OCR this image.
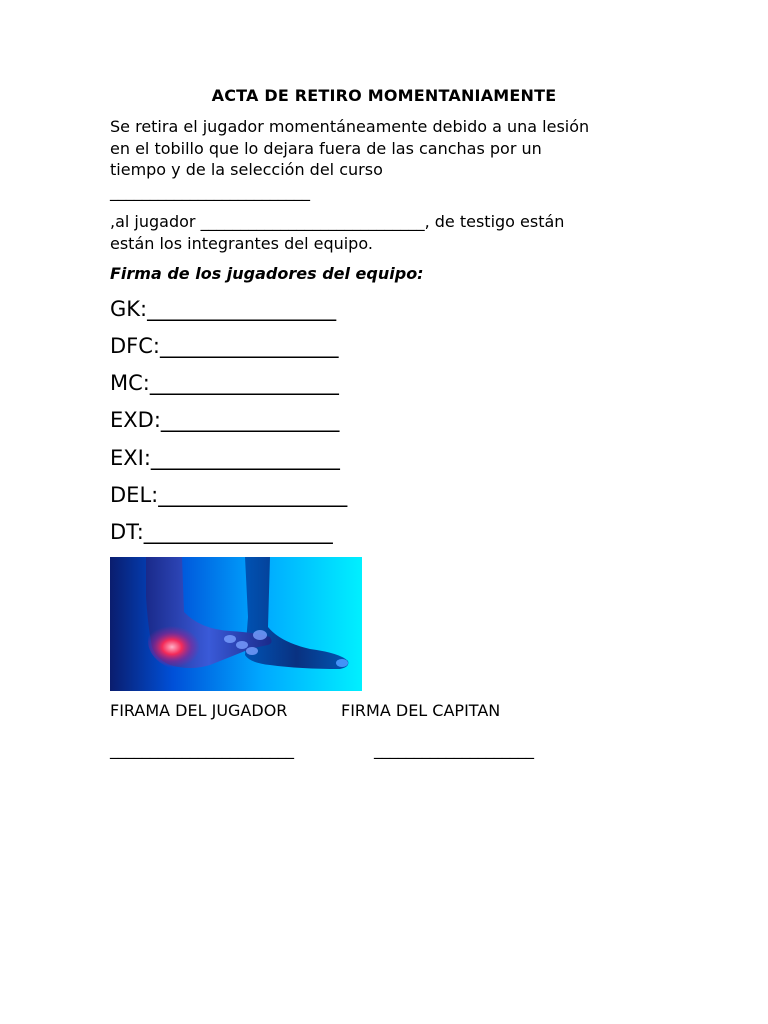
ACTA DE RETIRO MOMENTANIAMENTE
Se retira el jugador momentáneamente debido a una lesión
en el tobillo que lo dejara fuera de las canchas por un
tiempo y de la selección del curso
_________________________
,al jugador ____________________________, de testigo están
están los integrantes del equipo.
Firma de los jugadores del equipo:
GK:__________________
DFC:_________________
MC:__________________
EXD:_________________
EXI:__________________
DEL:__________________
DT:__________________
FIRAMA DEL JUGADOR	FIRMA DEL CAPITAN
_______________________	____________________
